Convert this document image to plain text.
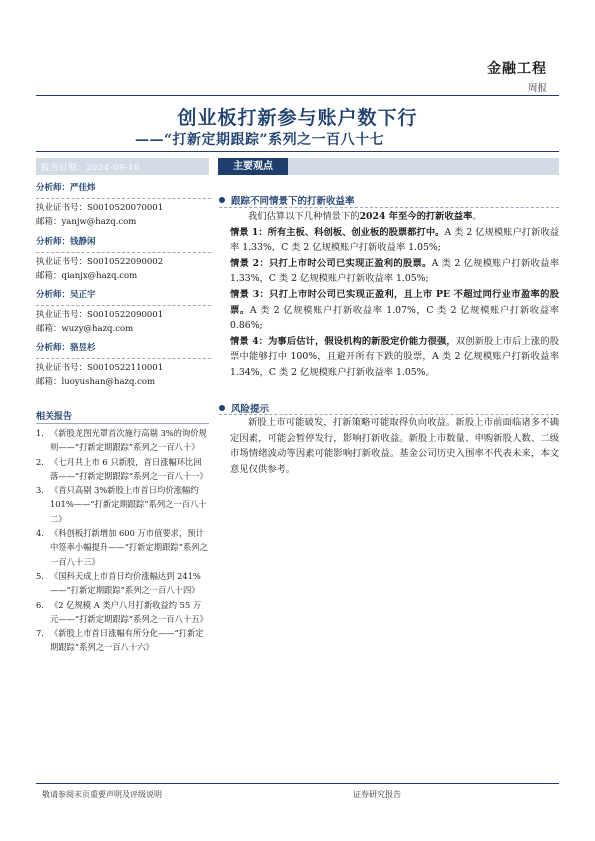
金融工程
周报
创业板打新参与账户数下行
——“打新定期跟踪”系列之一百八十七
报告日期：2024-09-18	主要观点
分析师：严佳炜
执业证书号：S0010520070001
邮箱：yanjw@hazq.com
分析师：钱静闲
执业证书号：S0010522090002
邮箱：qianjx@hazq.com
分析师：吴正宇
执业证书号：S0010522090001
邮箱：wuzy@hazq.com
分析师：骆昱杉
执业证书号：S0010522110001
邮箱：luoyushan@hazq.com
相关报告
1. 《新股龙图光罩首次施行高剔 3%的询价规则——“打新定期跟踪”系列之一百八十》
2. 《七月共上市 6 只新股，首日涨幅环比回落——“打新定期跟踪”系列之一百八十一》
3. 《首只高剔 3%新股上市首日均价涨幅约 101%——“打新定期跟踪”系列之一百八十二》
4. 《科创板打新增加 600 万市值要求，预计中签率小幅提升——“打新定期跟踪”系列之一百八十三》
5. 《国科天成上市首日均价涨幅达到 241%——“打新定期跟踪”系列之一百八十四》
6. 《2 亿规模 A 类户八月打新收益约 55 万元——“打新定期跟踪”系列之一百八十五》
7. 《新股上市首日涨幅有所分化——“打新定期跟踪”系列之一百八十六》
跟踪不同情景下的打新收益率

我们估算以下几种情景下的2024 年至今的打新收益率。

情景 1：所有主板、科创板、创业板的股票都打中。A 类 2 亿规模账户打新收益率 1.33%，C 类 2 亿规模账户打新收益率 1.05%;

情景 2：只打上市时公司已实现正盈利的股票。A 类 2 亿规模账户打新收益率 1.33%，C 类 2 亿规模账户打新收益率 1.05%;

情景 3：只打上市时公司已实现正盈利，且上市 PE 不超过同行业市盈率的股票。A 类 2 亿规模账户打新收益率 1.07%，C 类 2 亿规模账户打新收益率 0.86%;

情景 4：为事后估计，假设机构的新股定价能力很强，双创新股上市后上涨的股票中能够打中 100%，且避开所有下跌的股票，A 类 2 亿规模账户打新收益率 1.34%，C 类 2 亿规模账户打新收益率 1.05%。

风险提示

新股上市可能破发，打新策略可能取得负向收益。新股上市前面临诸多不确定因素，可能会暂停发行，影响打新收益。新股上市数量、申购新股人数、二级市场情绪波动等因素可能影响打新收益。基金公司历史入围率不代表未来，本文意见仅供参考。

敬请参阅末页重要声明及评级说明	证券研究报告
